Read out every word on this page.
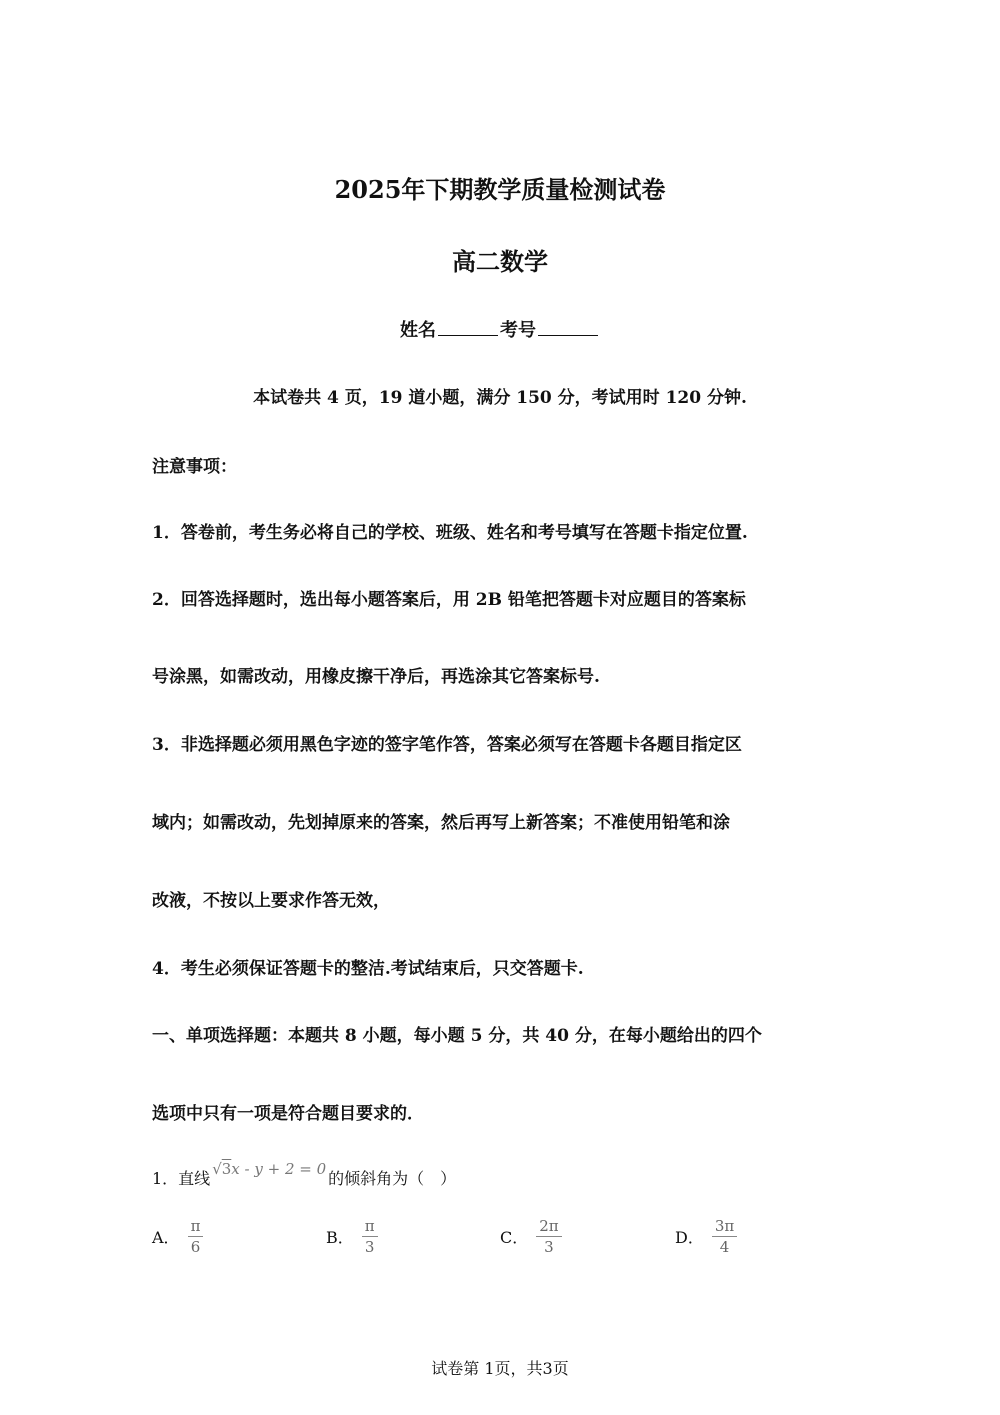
2025年下期教学质量检测试卷
高二数学
姓名	考号
本试卷共 4 页，19 道小题，满分 150 分，考试用时 120 分钟.
注意事项：
1．答卷前，考生务必将自己的学校、班级、姓名和考号填写在答题卡指定位置.
2．回答选择题时，选出每小题答案后，用 2B 铅笔把答题卡对应题目的答案标
号涂黑，如需改动，用橡皮擦干净后，再选涂其它答案标号.
3．非选择题必须用黑色字迹的签字笔作答，答案必须写在答题卡各题目指定区
域内；如需改动，先划掉原来的答案，然后再写上新答案；不准使用铅笔和涂
改液，不按以上要求作答无效，
4．考生必须保证答题卡的整洁.考试结束后，只交答题卡.
一、单项选择题：本题共 8 小题，每小题 5 分，共 40 分，在每小题给出的四个
选项中只有一项是符合题目要求的．
1．直线 √3x - y + 2 = 0 的倾斜角为（　）
A． $\frac{\pi}{6}$	B． $\frac{\pi}{3}$	C． $\frac{2\pi}{3}$	D． $\frac{3\pi}{4}$
试卷第 1页，共3页
